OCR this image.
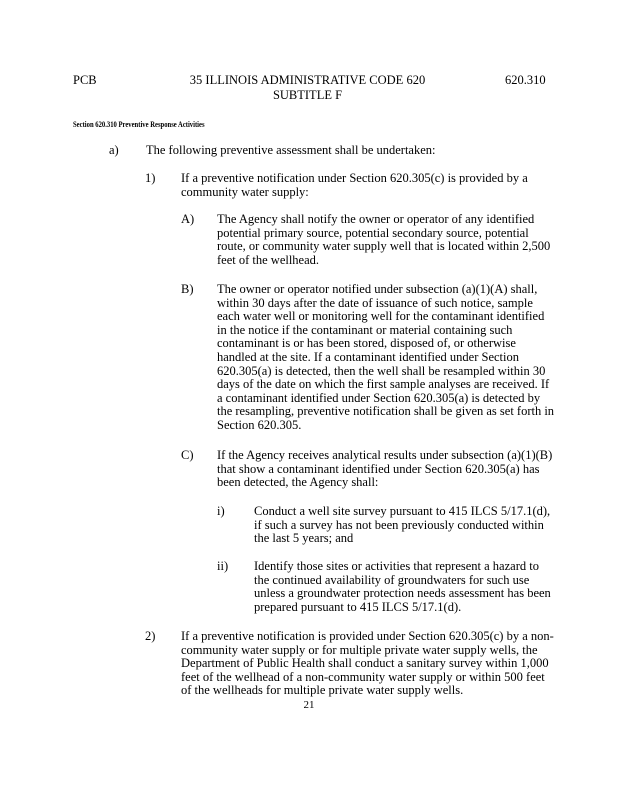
PCB	35 ILLINOIS ADMINISTRATIVE CODE 620
SUBTITLE F
620.310
Section 620.310 Preventive Response Activities
a) The following preventive assessment shall be undertaken:
1) If a preventive notification under Section 620.305(c) is provided by a
community water supply:
A) The Agency shall notify the owner or operator of any identified
potential primary source, potential secondary source, potential
route, or community water supply well that is located within 2,500
feet of the wellhead.
B) The owner or operator notified under subsection (a)(1)(A) shall,
within 30 days after the date of issuance of such notice, sample
each water well or monitoring well for the contaminant identified
in the notice if the contaminant or material containing such
contaminant is or has been stored, disposed of, or otherwise
handled at the site. If a contaminant identified under Section
620.305(a) is detected, then the well shall be resampled within 30
days of the date on which the first sample analyses are received. If
a contaminant identified under Section 620.305(a) is detected by
the resampling, preventive notification shall be given as set forth in
Section 620.305.
C) If the Agency receives analytical results under subsection (a)(1)(B)
that show a contaminant identified under Section 620.305(a) has
been detected, the Agency shall:
i) Conduct a well site survey pursuant to 415 ILCS 5/17.1(d),
if such a survey has not been previously conducted within
the last 5 years; and
ii) Identify those sites or activities that represent a hazard to
the continued availability of groundwaters for such use
unless a groundwater protection needs assessment has been
prepared pursuant to 415 ILCS 5/17.1(d).
2) If a preventive notification is provided under Section 620.305(c) by a non-
community water supply or for multiple private water supply wells, the
Department of Public Health shall conduct a sanitary survey within 1,000
feet of the wellhead of a non-community water supply or within 500 feet
of the wellheads for multiple private water supply wells.
21
